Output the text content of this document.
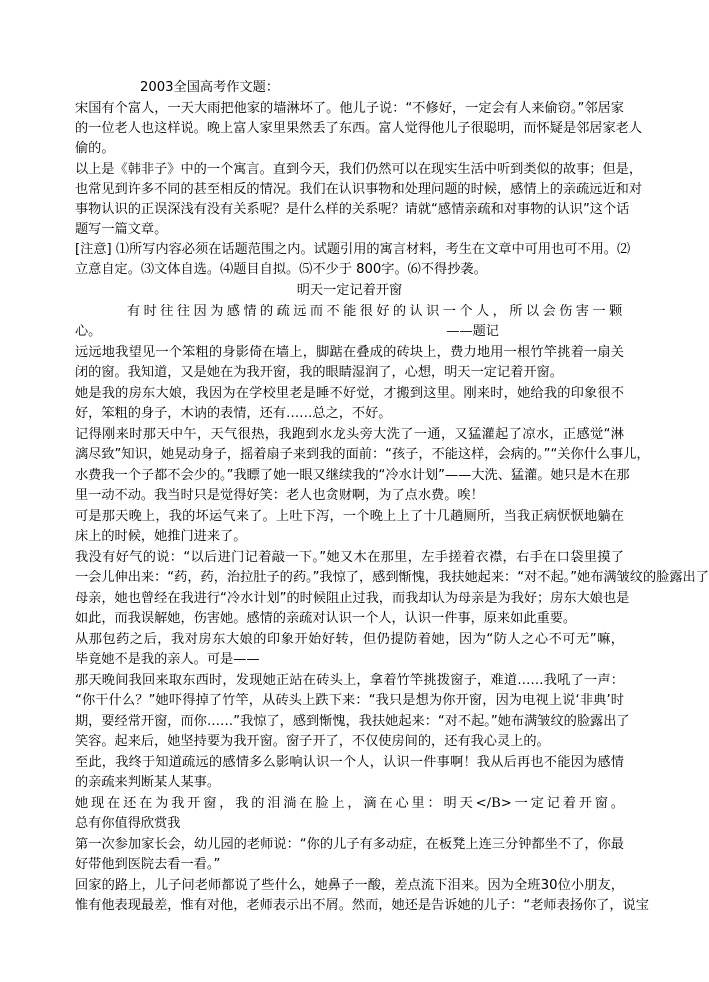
2003全国高考作文题：
宋国有个富人，一天大雨把他家的墙淋坏了。他儿子说：“不修好，一定会有人来偷窃。”邻居家
的一位老人也这样说。晚上富人家里果然丢了东西。富人觉得他儿子很聪明，而怀疑是邻居家老人
偷的。
以上是《韩非子》中的一个寓言。直到今天，我们仍然可以在现实生活中听到类似的故事；但是，
也常见到许多不同的甚至相反的情况。我们在认识事物和处理问题的时候，感情上的亲疏远近和对
事物认识的正误深浅有没有关系呢？是什么样的关系呢？请就“感情亲疏和对事物的认识”这个话
题写一篇文章。
[注意] ⑴所写内容必须在话题范围之内。试题引用的寓言材料，考生在文章中可用也可不用。⑵
立意自定。⑶文体自选。⑷题目自拟。⑸不少于 800字。⑹不得抄袭。
明天一定记着开窗
有时往往因为感情的疏远而不能很好的认识一个人，所以会伤害一颗
心。	——题记
远远地我望见一个笨粗的身影倚在墙上，脚踮在叠成的砖块上，费力地用一根竹竿挑着一扇关
闭的窗。我知道，又是她在为我开窗，我的眼睛湿润了，心想，明天一定记着开窗。
她是我的房东大娘，我因为在学校里老是睡不好觉，才搬到这里。刚来时，她给我的印象很不
好，笨粗的身子，木讷的表情，还有……总之，不好。
记得刚来时那天中午，天气很热，我跑到水龙头旁大洗了一通，又猛灌起了凉水，正感觉“淋
漓尽致”知识，她晃动身子，摇着扇子来到我的面前：“孩子，不能这样，会病的。”“关你什么事儿，
水费我一个子都不会少的。”我瞟了她一眼又继续我的“冷水计划”——大洗、猛灌。她只是木在那
里一动不动。我当时只是觉得好笑：老人也贪财啊，为了点水费。唉！
可是那天晚上，我的坏运气来了。上吐下泻，一个晚上上了十几趟厕所，当我正病恹恹地躺在
床上的时候，她推门进来了。
我没有好气的说：“以后进门记着敲一下。”她又木在那里，左手搓着衣襟，右手在口袋里摸了
一会儿伸出来：“药，药，治拉肚子的药。”我惊了，感到惭愧，我扶她起来：“对不起。”她布满皱纹的脸露出了
母亲，她也曾经在我进行“冷水计划”的时候阻止过我，而我却认为母亲是为我好；房东大娘也是
如此，而我误解她，伤害她。感情的亲疏对认识一个人，认识一件事，原来如此重要。
从那包药之后，我对房东大娘的印象开始好转，但仍提防着她，因为“防人之心不可无”嘛，
毕竟她不是我的亲人。可是——
那天晚间我回来取东西时，发现她正站在砖头上，拿着竹竿挑拨窗子，难道……我吼了一声：
“你干什么？”她吓得掉了竹竿，从砖头上跌下来：“我只是想为你开窗，因为电视上说‘非典’时
期，要经常开窗，而你……”我惊了，感到惭愧，我扶她起来：“对不起。”她布满皱纹的脸露出了
笑容。起来后，她坚持要为我开窗。窗子开了，不仅使房间的，还有我心灵上的。
至此，我终于知道疏远的感情多么影响认识一个人，认识一件事啊！我从后再也不能因为感情
的亲疏来判断某人某事。
她现在还在为我开窗，我的泪淌在脸上，滴在心里：明天</B>一定记着开窗。
总有你值得欣赏我
第一次参加家长会，幼儿园的老师说：“你的儿子有多动症，在板凳上连三分钟都坐不了，你最
好带他到医院去看一看。”
回家的路上，儿子问老师都说了些什么，她鼻子一酸，差点流下泪来。因为全班30位小朋友，
惟有他表现最差，惟有对他，老师表示出不屑。然而，她还是告诉她的儿子：“老师表扬你了，说宝
